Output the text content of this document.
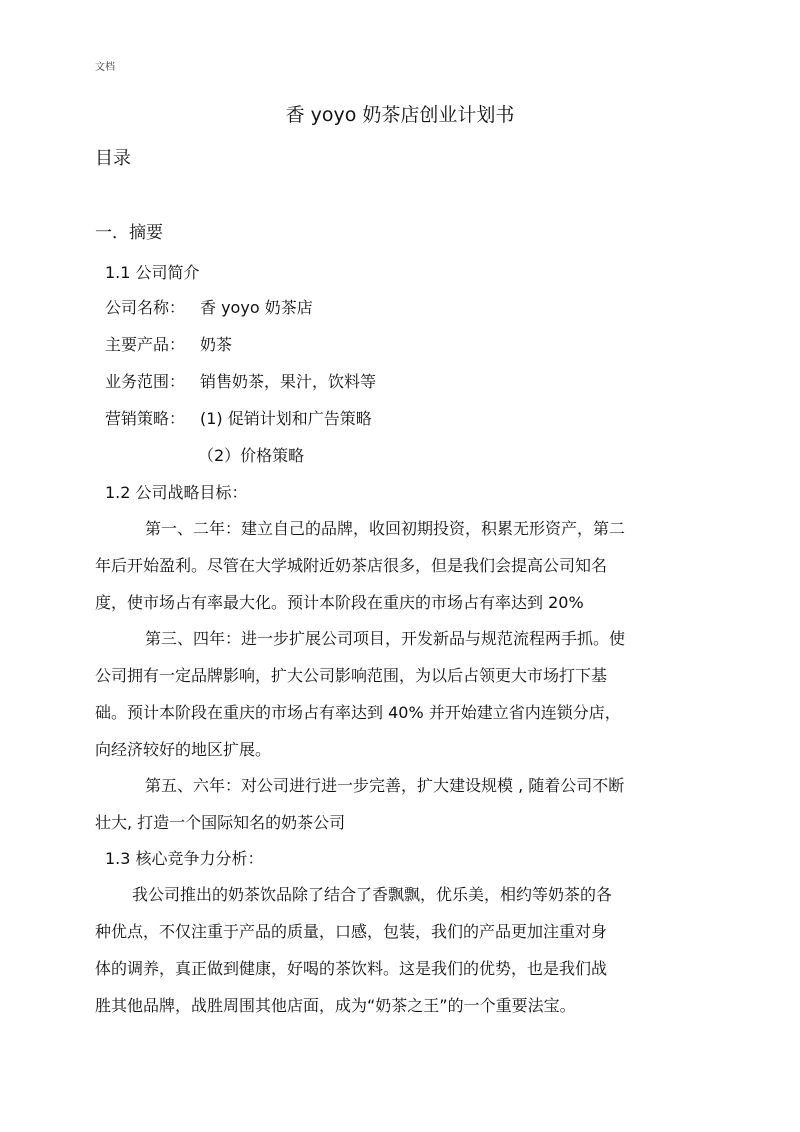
文档
香 yoyo 奶茶店创业计划书
目录
一．摘要
1.1 公司简介
公司名称： 香 yoyo 奶茶店
主要产品： 奶茶
业务范围： 销售奶茶，果汁，饮料等
营销策略： (1) 促销计划和广告策略
（2）价格策略
1.2 公司战略目标：
第一、二年：建立自己的品牌，收回初期投资，积累无形资产，第二
年后开始盈利。尽管在大学城附近奶茶店很多，但是我们会提高公司知名
度，使市场占有率最大化。预计本阶段在重庆的市场占有率达到 20%
第三、四年：进一步扩展公司项目，开发新品与规范流程两手抓。使
公司拥有一定品牌影响，扩大公司影响范围，为以后占领更大市场打下基
础。预计本阶段在重庆的市场占有率达到 40% 并开始建立省内连锁分店，
向经济较好的地区扩展。
第五、六年：对公司进行进一步完善，扩大建设规模 , 随着公司不断
壮大, 打造一个国际知名的奶茶公司
1.3 核心竞争力分析：
我公司推出的奶茶饮品除了结合了香飘飘，优乐美，相约等奶茶的各
种优点，不仅注重于产品的质量，口感，包装，我们的产品更加注重对身
体的调养，真正做到健康，好喝的茶饮料。这是我们的优势，也是我们战
胜其他品牌，战胜周围其他店面，成为“奶茶之王”的一个重要法宝。
